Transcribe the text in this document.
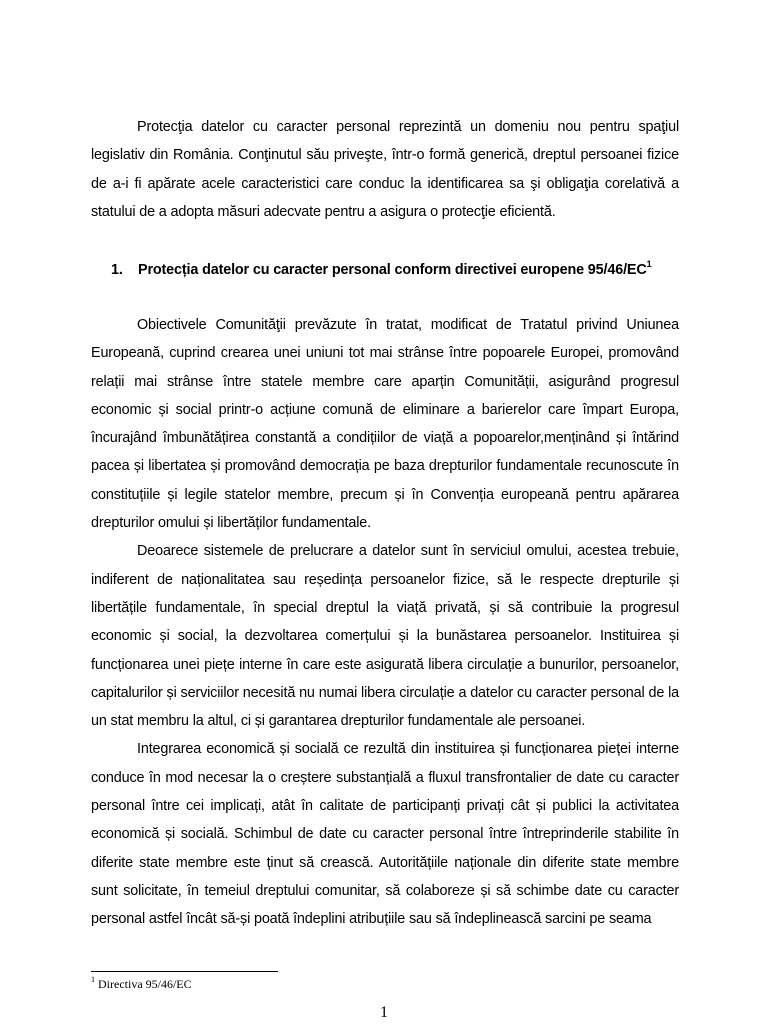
Protecţia datelor cu caracter personal reprezintă un domeniu nou pentru spaţiul legislativ din România. Conţinutul său priveşte, într-o formă generică, dreptul persoanei fizice de a-i fi apărate acele caracteristici care conduc la identificarea sa şi obligaţia corelativă a statului de a adopta măsuri adecvate pentru a asigura o protecţie eficientă.

1. Protecția datelor cu caracter personal conform directivei europene $95/46/EC^1$

Obiectivele Comunităţii prevăzute în tratat, modificat de Tratatul privind Uniunea Europeană, cuprind crearea unei uniuni tot mai strânse între popoarele Europei, promovând relații mai strânse între statele membre care aparțin Comunității, asigurând progresul economic și social printr-o acțiune comună de eliminare a barierelor care împart Europa, încurajând îmbunătățirea constantă a condițiilor de viață a popoarelor,menținând și întărind pacea și libertatea și promovând democrația pe baza drepturilor fundamentale recunoscute în constituțiile și legile statelor membre, precum și în Convenția europeană pentru apărarea drepturilor omului și libertăților fundamentale.

Deoarece sistemele de prelucrare a datelor sunt în serviciul omului, acestea trebuie, indiferent de naționalitatea sau reședința persoanelor fizice, să le respecte drepturile și libertățile fundamentale, în special dreptul la viață privată, și să contribuie la progresul economic și social, la dezvoltarea comerțului și la bunăstarea persoanelor. Instituirea și funcționarea unei piețe interne în care este asigurată libera circulație a bunurilor, persoanelor, capitalurilor și serviciilor necesită nu numai libera circulație a datelor cu caracter personal de la un stat membru la altul, ci și garantarea drepturilor fundamentale ale persoanei.

Integrarea economică și socială ce rezultă din instituirea și funcționarea pieței interne conduce în mod necesar la o creștere substanțială a fluxul transfrontalier de date cu caracter personal între cei implicați, atât în calitate de participanți privați cât și publici la activitatea economică și socială. Schimbul de date cu caracter personal între întreprinderile stabilite în diferite state membre este ținut să crească. Autoritățiile naționale din diferite state membre sunt solicitate, în temeiul dreptului comunitar, să colaboreze și să schimbe date cu caracter personal astfel încât să-și poată îndeplini atribuțiile sau să îndeplinească sarcini pe seama

$^1$ Directiva 95/46/EC
1
